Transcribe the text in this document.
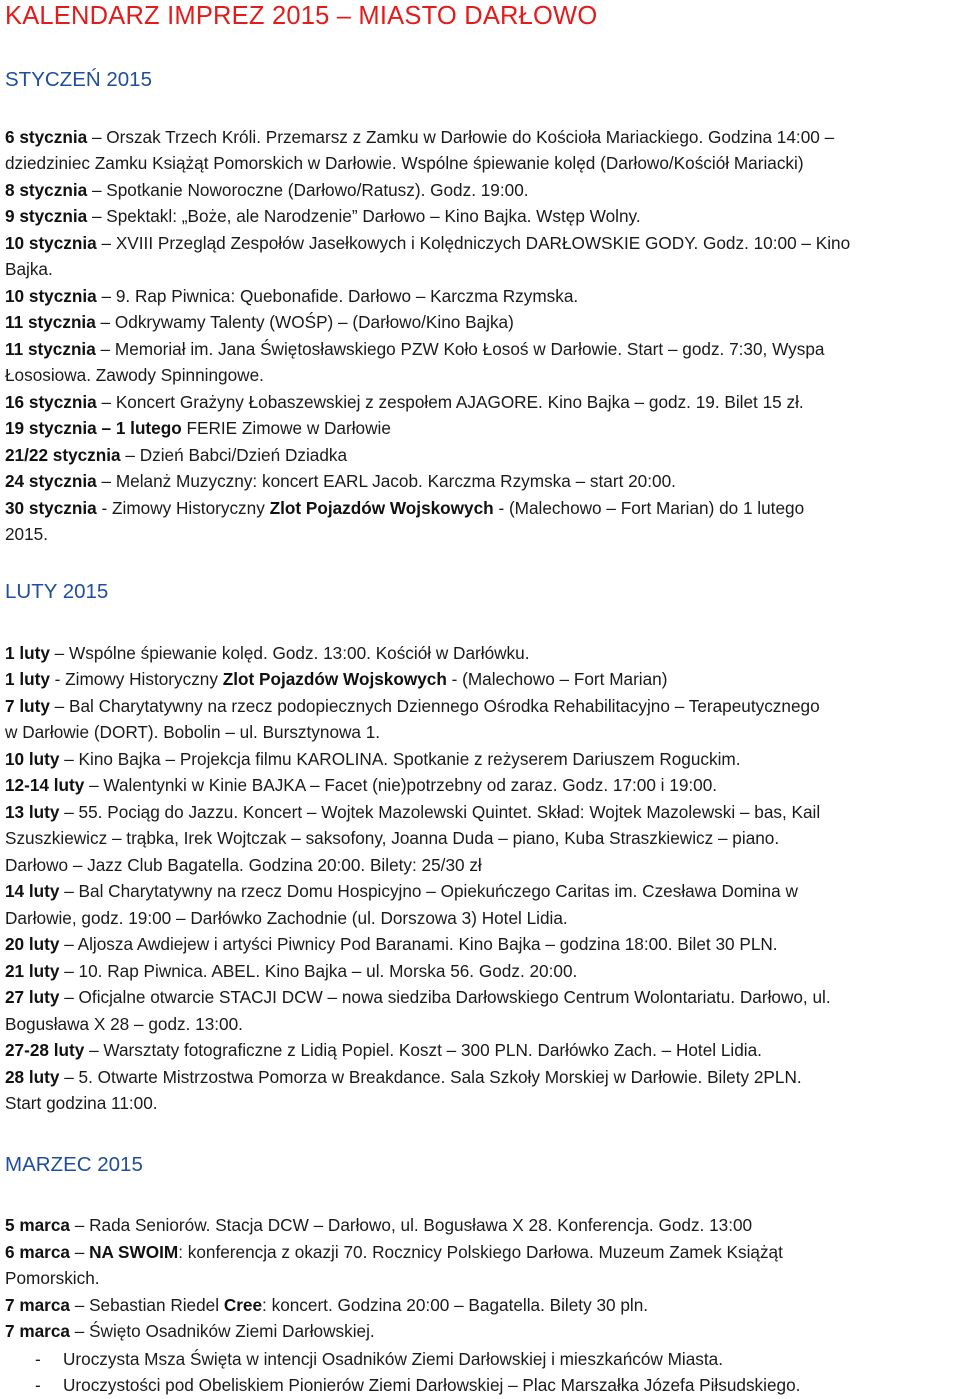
KALENDARZ IMPREZ 2015 – MIASTO DARŁOWO
STYCZEŃ 2015
6 stycznia – Orszak Trzech Króli. Przemarsz z Zamku w Darłowie do Kościoła Mariackiego. Godzina 14:00 –
dziedziniec Zamku Książąt Pomorskich w Darłowie. Wspólne śpiewanie kolęd (Darłowo/Kościół Mariacki)
8 stycznia – Spotkanie Noworoczne (Darłowo/Ratusz). Godz. 19:00.
9 stycznia – Spektakl: „Boże, ale Narodzenie” Darłowo – Kino Bajka. Wstęp Wolny.
10 stycznia – XVIII Przegląd Zespołów Jasełkowych i Kolędniczych DARŁOWSKIE GODY. Godz. 10:00 – Kino
Bajka.
10 stycznia – 9. Rap Piwnica: Quebonafide. Darłowo – Karczma Rzymska.
11 stycznia – Odkrywamy Talenty (WOŚP) – (Darłowo/Kino Bajka)
11 stycznia – Memoriał im. Jana Świętosławskiego PZW Koło Łosoś w Darłowie. Start – godz. 7:30, Wyspa
Łososiowa. Zawody Spinningowe.
16 stycznia – Koncert Grażyny Łobaszewskiej z zespołem AJAGORE. Kino Bajka – godz. 19. Bilet 15 zł.
19 stycznia – 1 lutego FERIE Zimowe w Darłowie
21/22 stycznia – Dzień Babci/Dzień Dziadka
24 stycznia – Melanż Muzyczny: koncert EARL Jacob. Karczma Rzymska – start 20:00.
30 stycznia - Zimowy Historyczny Zlot Pojazdów Wojskowych - (Malechowo – Fort Marian) do 1 lutego
2015.
LUTY 2015
1 luty – Wspólne śpiewanie kolęd. Godz. 13:00. Kościół w Darłówku.
1 luty - Zimowy Historyczny Zlot Pojazdów Wojskowych - (Malechowo – Fort Marian)
7 luty – Bal Charytatywny na rzecz podopiecznych Dziennego Ośrodka Rehabilitacyjno – Terapeutycznego
w Darłowie (DORT). Bobolin – ul. Bursztynowa 1.
10 luty – Kino Bajka – Projekcja filmu KAROLINA. Spotkanie z reżyserem Dariuszem Roguckim.
12-14 luty – Walentynki w Kinie BAJKA – Facet (nie)potrzebny od zaraz. Godz. 17:00 i 19:00.
13 luty – 55. Pociąg do Jazzu. Koncert – Wojtek Mazolewski Quintet. Skład: Wojtek Mazolewski – bas, Kail
Szuszkiewicz – trąbka, Irek Wojtczak – saksofony, Joanna Duda – piano, Kuba Straszkiewicz – piano.
Darłowo – Jazz Club Bagatella. Godzina 20:00. Bilety: 25/30 zł
14 luty – Bal Charytatywny na rzecz Domu Hospicyjno – Opiekuńczego Caritas im. Czesława Domina w
Darłowie, godz. 19:00 – Darłówko Zachodnie (ul. Dorszowa 3) Hotel Lidia.
20 luty – Aljosza Awdiejew i artyści Piwnicy Pod Baranami. Kino Bajka – godzina 18:00. Bilet 30 PLN.
21 luty – 10. Rap Piwnica. ABEL. Kino Bajka – ul. Morska 56. Godz. 20:00.
27 luty – Oficjalne otwarcie STACJI DCW – nowa siedziba Darłowskiego Centrum Wolontariatu. Darłowo, ul.
Bogusława X 28 – godz. 13:00.
27-28 luty – Warsztaty fotograficzne z Lidią Popiel. Koszt – 300 PLN. Darłówko Zach. – Hotel Lidia.
28 luty – 5. Otwarte Mistrzostwa Pomorza w Breakdance. Sala Szkoły Morskiej w Darłowie. Bilety 2PLN.
Start godzina 11:00.
MARZEC 2015
5 marca – Rada Seniorów. Stacja DCW – Darłowo, ul. Bogusława X 28. Konferencja. Godz. 13:00
6 marca – NA SWOIM: konferencja z okazji 70. Rocznicy Polskiego Darłowa. Muzeum Zamek Książąt
Pomorskich.
7 marca – Sebastian Riedel Cree: koncert. Godzina 20:00 – Bagatella. Bilety 30 pln.
7 marca – Święto Osadników Ziemi Darłowskiej.
- Uroczysta Msza Święta w intencji Osadników Ziemi Darłowskiej i mieszkańców Miasta.
- Uroczystości pod Obeliskiem Pionierów Ziemi Darłowskiej – Plac Marszałka Józefa Piłsudskiego.
